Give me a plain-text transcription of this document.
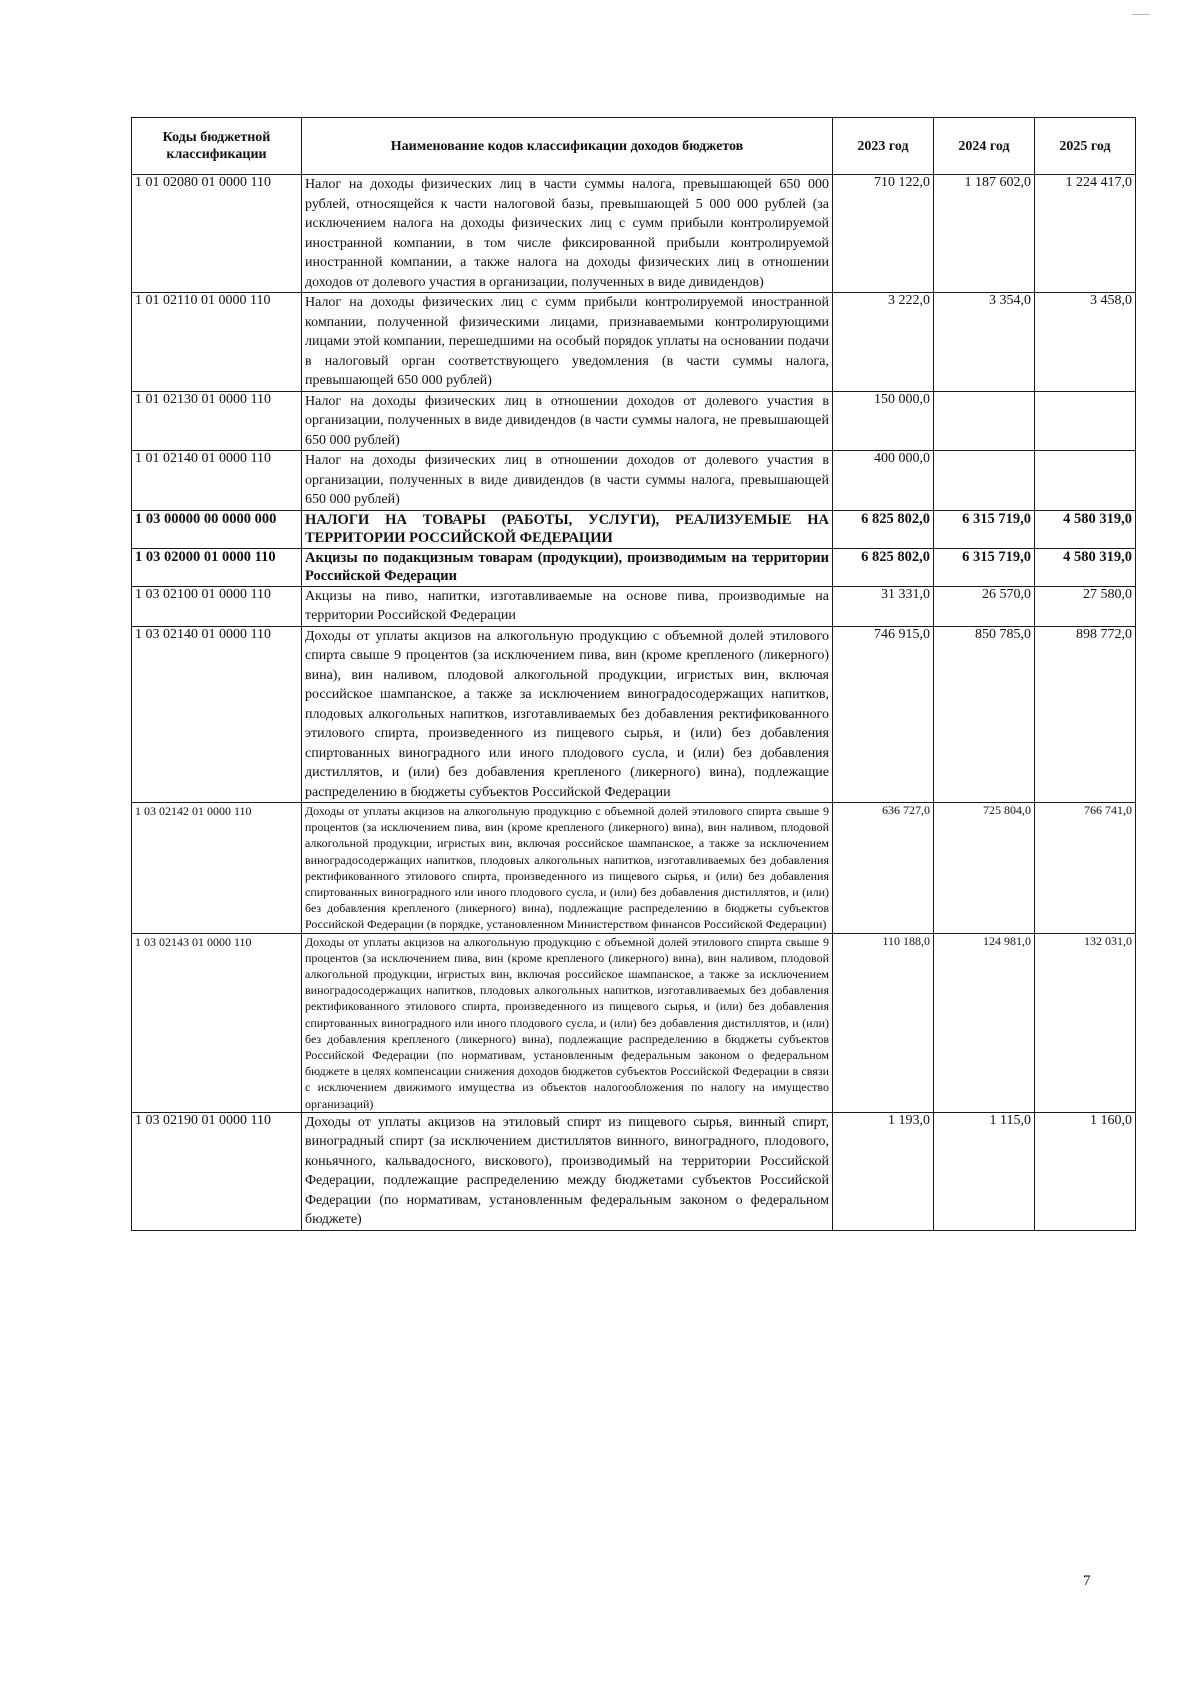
Коды бюджетной классификации	Наименование кодов классификации доходов бюджетов	2023 год	2024 год	2025 год
1 01 02080 01 0000 110	Налог на доходы физических лиц в части суммы налога, превышающей 650 000 рублей, относящейся к части налоговой базы, превышающей 5 000 000 рублей (за исключением налога на доходы физических лиц с сумм прибыли контролируемой иностранной компании, в том числе фиксированной прибыли контролируемой иностранной компании, а также налога на доходы физических лиц в отношении доходов от долевого участия в организации, полученных в виде дивидендов)	710 122,0	1 187 602,0	1 224 417,0
1 01 02110 01 0000 110	Налог на доходы физических лиц с сумм прибыли контролируемой иностранной компании, полученной физическими лицами, признаваемыми контролирующими лицами этой компании, перешедшими на особый порядок уплаты на основании подачи в налоговый орган соответствующего уведомления (в части суммы налога, превышающей 650 000 рублей)	3 222,0	3 354,0	3 458,0
1 01 02130 01 0000 110	Налог на доходы физических лиц в отношении доходов от долевого участия в организации, полученных в виде дивидендов (в части суммы налога, не превышающей 650 000 рублей)	150 000,0		
1 01 02140 01 0000 110	Налог на доходы физических лиц в отношении доходов от долевого участия в организации, полученных в виде дивидендов (в части суммы налога, превышающей 650 000 рублей)	400 000,0		
1 03 00000 00 0000 000	НАЛОГИ НА ТОВАРЫ (РАБОТЫ, УСЛУГИ), РЕАЛИЗУЕМЫЕ НА ТЕРРИТОРИИ РОССИЙСКОЙ ФЕДЕРАЦИИ	6 825 802,0	6 315 719,0	4 580 319,0
1 03 02000 01 0000 110	Акцизы по подакцизным товарам (продукции), производимым на территории Российской Федерации	6 825 802,0	6 315 719,0	4 580 319,0
1 03 02100 01 0000 110	Акцизы на пиво, напитки, изготавливаемые на основе пива, производимые на территории Российской Федерации	31 331,0	26 570,0	27 580,0
1 03 02140 01 0000 110	Доходы от уплаты акцизов на алкогольную продукцию с объемной долей этилового спирта свыше 9 процентов (за исключением пива, вин (кроме крепленого (ликерного) вина), вин наливом, плодовой алкогольной продукции, игристых вин, включая российское шампанское, а также за исключением виноградосодержащих напитков, плодовых алкогольных напитков, изготавливаемых без добавления ректификованного этилового спирта, произведенного из пищевого сырья, и (или) без добавления спиртованных виноградного или иного плодового сусла, и (или) без добавления дистиллятов, и (или) без добавления крепленого (ликерного) вина), подлежащие распределению в бюджеты субъектов Российской Федерации	746 915,0	850 785,0	898 772,0
1 03 02142 01 0000 110	Доходы от уплаты акцизов на алкогольную продукцию с объемной долей этилового спирта свыше 9 процентов (за исключением пива, вин (кроме крепленого (ликерного) вина), вин наливом, плодовой алкогольной продукции, игристых вин, включая российское шампанское, а также за исключением виноградосодержащих напитков, плодовых алкогольных напитков, изготавливаемых без добавления ректификованного этилового спирта, произведенного из пищевого сырья, и (или) без добавления спиртованных виноградного или иного плодового сусла, и (или) без добавления дистиллятов, и (или) без добавления крепленого (ликерного) вина), подлежащие распределению в бюджеты субъектов Российской Федерации (в порядке, установленном Министерством финансов Российской Федерации)	636 727,0	725 804,0	766 741,0
1 03 02143 01 0000 110	Доходы от уплаты акцизов на алкогольную продукцию с объемной долей этилового спирта свыше 9 процентов (за исключением пива, вин (кроме крепленого (ликерного) вина), вин наливом, плодовой алкогольной продукции, игристых вин, включая российское шампанское, а также за исключением виноградосодержащих напитков, плодовых алкогольных напитков, изготавливаемых без добавления ректификованного этилового спирта, произведенного из пищевого сырья, и (или) без добавления спиртованных виноградного или иного плодового сусла, и (или) без добавления дистиллятов, и (или) без добавления крепленого (ликерного) вина), подлежащие распределению в бюджеты субъектов Российской Федерации (по нормативам, установленным федеральным законом о федеральном бюджете в целях компенсации снижения доходов бюджетов субъектов Российской Федерации в связи с исключением движимого имущества из объектов налогообложения по налогу на имущество организаций)	110 188,0	124 981,0	132 031,0
1 03 02190 01 0000 110	Доходы от уплаты акцизов на этиловый спирт из пищевого сырья, винный спирт, виноградный спирт (за исключением дистиллятов винного, виноградного, плодового, коньячного, кальвадосного, вискового), производимый на территории Российской Федерации, подлежащие распределению между бюджетами субъектов Российской Федерации (по нормативам, установленным федеральным законом о федеральном бюджете)	1 193,0	1 115,0	1 160,0
7
